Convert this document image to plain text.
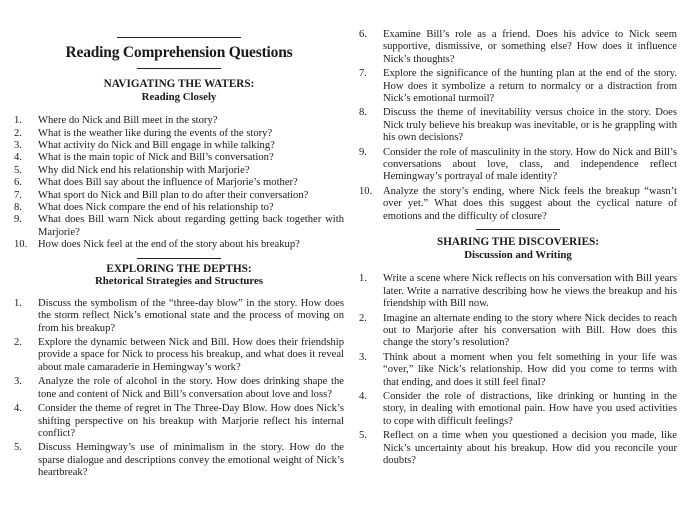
Reading Comprehension Questions
NAVIGATING THE WATERS:
Reading Closely
1. Where do Nick and Bill meet in the story?
2. What is the weather like during the events of the story?
3. What activity do Nick and Bill engage in while talking?
4. What is the main topic of Nick and Bill’s conversation?
5. Why did Nick end his relationship with Marjorie?
6. What does Bill say about the influence of Marjorie’s mother?
7. What sport do Nick and Bill plan to do after their conversation?
8. What does Nick compare the end of his relationship to?
9. What does Bill warn Nick about regarding getting back together with Marjorie?
10. How does Nick feel at the end of the story about his breakup?
EXPLORING THE DEPTHS:
Rhetorical Strategies and Structures
1. Discuss the symbolism of the “three-day blow” in the story. How does the storm reflect Nick’s emotional state and the process of moving on from his breakup?
2. Explore the dynamic between Nick and Bill. How does their friendship provide a space for Nick to process his breakup, and what does it reveal about male camaraderie in Hemingway’s work?
3. Analyze the role of alcohol in the story. How does drinking shape the tone and content of Nick and Bill’s conversation about love and loss?
4. Consider the theme of regret in The Three-Day Blow. How does Nick’s shifting perspective on his breakup with Marjorie reflect his internal conflict?
5. Discuss Hemingway’s use of minimalism in the story. How do the sparse dialogue and descriptions convey the emotional weight of Nick’s heartbreak?
6. Examine Bill’s role as a friend. Does his advice to Nick seem supportive, dismissive, or something else? How does it influence Nick’s thoughts?
7. Explore the significance of the hunting plan at the end of the story. How does it symbolize a return to normalcy or a distraction from Nick’s emotional turmoil?
8. Discuss the theme of inevitability versus choice in the story. Does Nick truly believe his breakup was inevitable, or is he grappling with his own decisions?
9. Consider the role of masculinity in the story. How do Nick and Bill’s conversations about love, class, and independence reflect Hemingway’s portrayal of male identity?
10. Analyze the story’s ending, where Nick feels the breakup “wasn’t over yet.” What does this suggest about the cyclical nature of emotions and the difficulty of closure?
SHARING THE DISCOVERIES:
Discussion and Writing
1. Write a scene where Nick reflects on his conversation with Bill years later. Write a narrative describing how he views the breakup and his friendship with Bill now.
2. Imagine an alternate ending to the story where Nick decides to reach out to Marjorie after his conversation with Bill. How does this change the story’s resolution?
3. Think about a moment when you felt something in your life was “over,” like Nick’s relationship. How did you come to terms with that ending, and does it still feel final?
4. Consider the role of distractions, like drinking or hunting in the story, in dealing with emotional pain. How have you used activities to cope with difficult feelings?
5. Reflect on a time when you questioned a decision you made, like Nick’s uncertainty about his breakup. How did you reconcile your doubts?
